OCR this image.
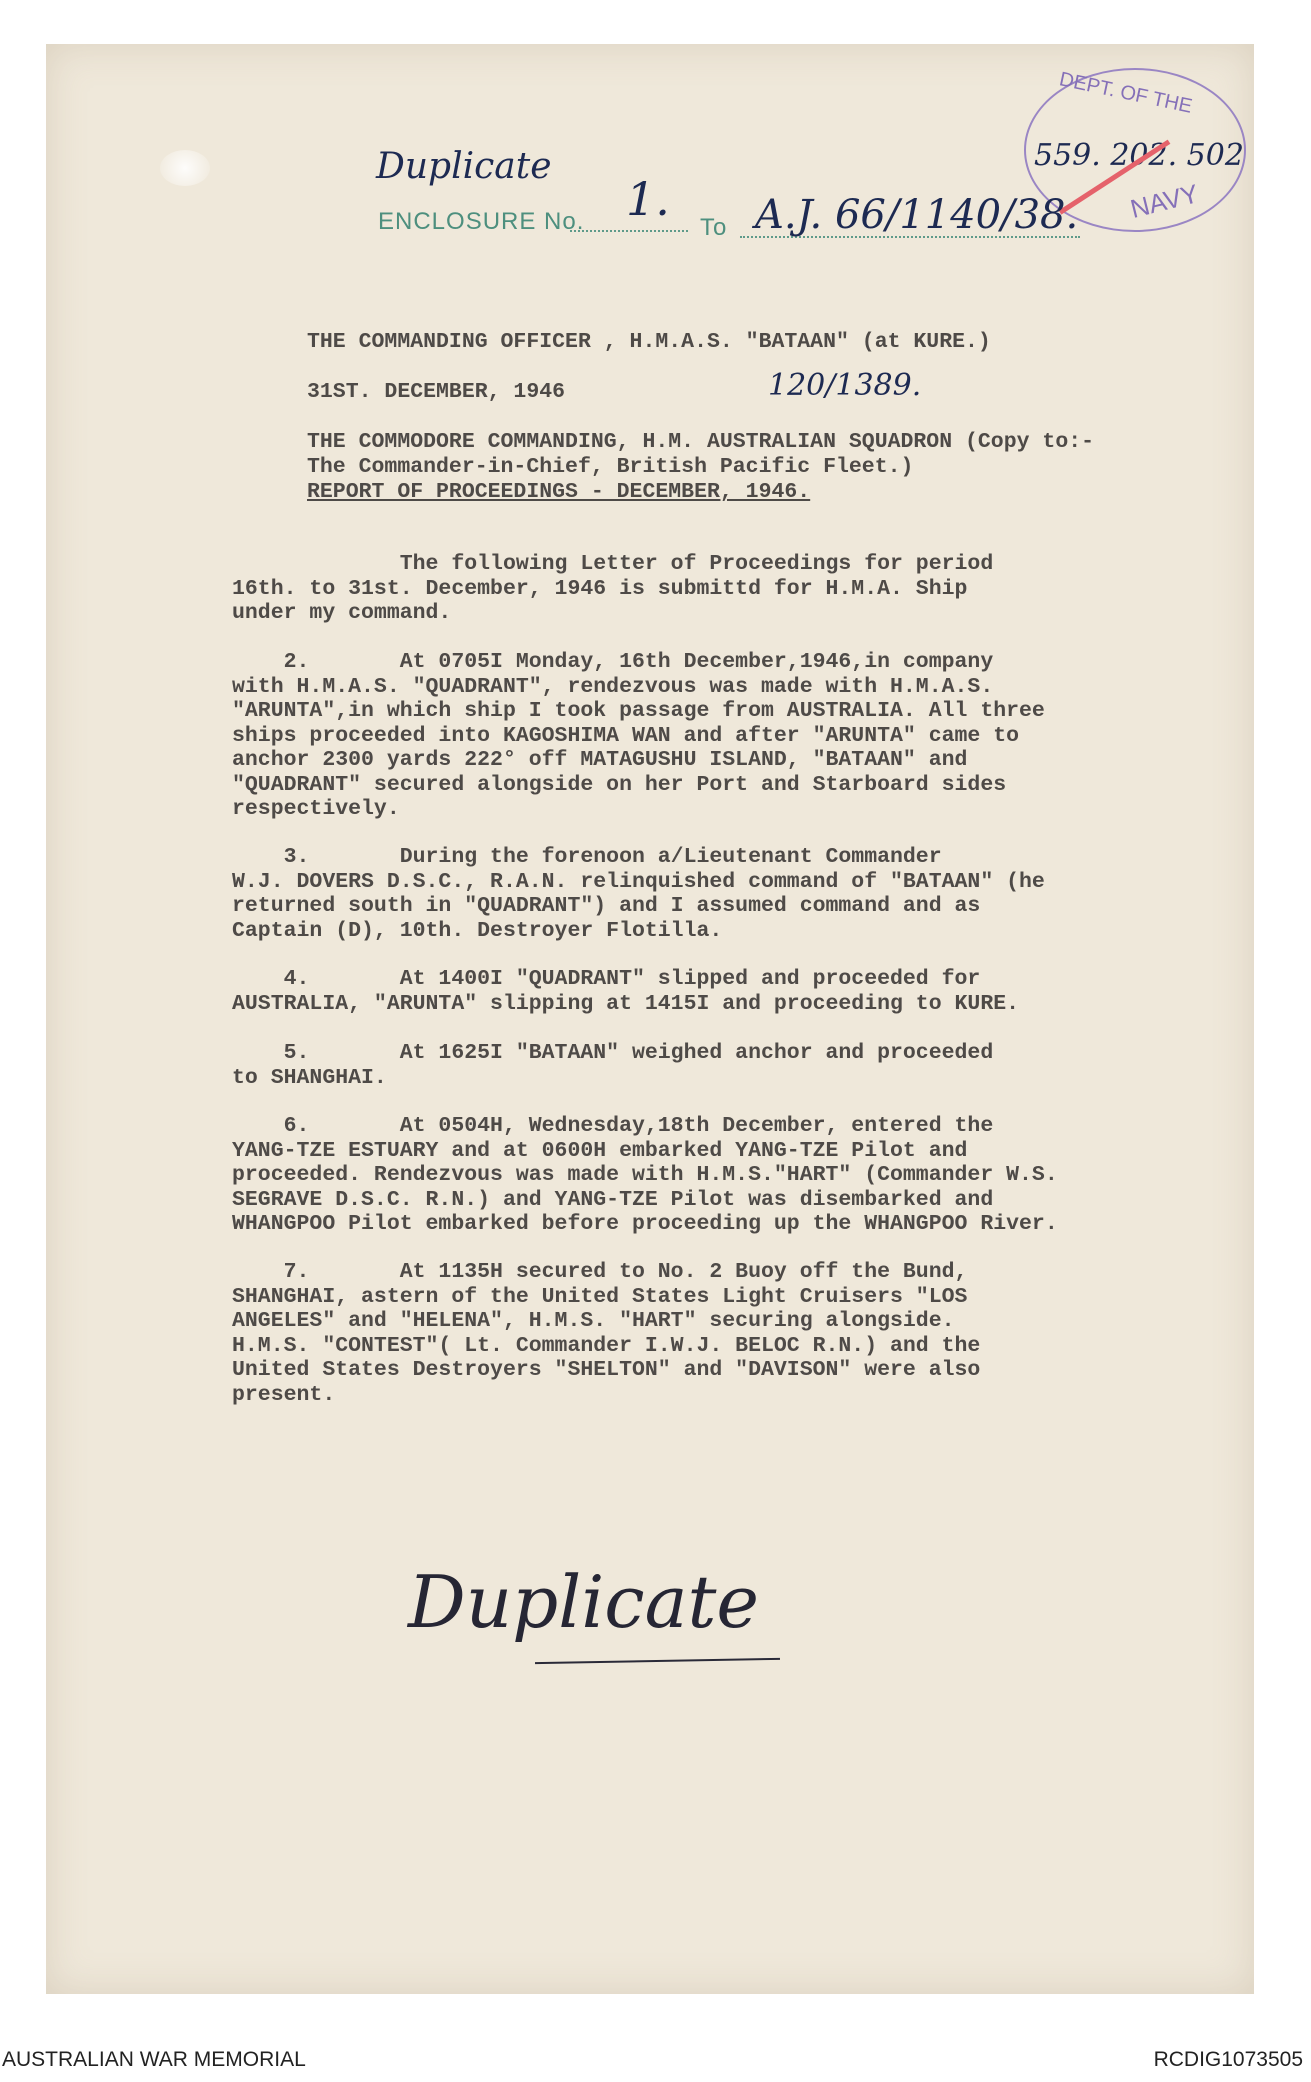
DEPT. OF THE
NAVY
559. 202. 502
Duplicate
ENCLOSURE No. 1.
To A.J. 66/1140/38.
THE COMMANDING OFFICER , H.M.A.S. "BATAAN" (at KURE.)
31ST. DECEMBER, 1946	120/1389.
THE COMMODORE COMMANDING, H.M. AUSTRALIAN SQUADRON (Copy to:-
The Commander-in-Chief, British Pacific Fleet.)
REPORT OF PROCEEDINGS - DECEMBER, 1946.
The following Letter of Proceedings for period
16th. to 31st. December, 1946 is submittd for H.M.A. Ship
under my command.
2.       At 0705I Monday, 16th December,1946,in company
with H.M.A.S. "QUADRANT", rendezvous was made with H.M.A.S.
"ARUNTA",in which ship I took passage from AUSTRALIA. All three
ships proceeded into KAGOSHIMA WAN and after "ARUNTA" came to
anchor 2300 yards 222° off MATAGUSHU ISLAND, "BATAAN" and
"QUADRANT" secured alongside on her Port and Starboard sides
respectively.
3.       During the forenoon a/Lieutenant Commander
W.J. DOVERS D.S.C., R.A.N. relinquished command of "BATAAN" (he
returned south in "QUADRANT") and I assumed command and as
Captain (D), 10th. Destroyer Flotilla.
4.       At 1400I "QUADRANT" slipped and proceeded for
AUSTRALIA, "ARUNTA" slipping at 1415I and proceeding to KURE.
5.       At 1625I "BATAAN" weighed anchor and proceeded
to SHANGHAI.
6.       At 0504H, Wednesday,18th December, entered the
YANG-TZE ESTUARY and at 0600H embarked YANG-TZE Pilot and
proceeded. Rendezvous was made with H.M.S."HART" (Commander W.S.
SEGRAVE D.S.C. R.N.) and YANG-TZE Pilot was disembarked and
WHANGPOO Pilot embarked before proceeding up the WHANGPOO River.
7.       At 1135H secured to No. 2 Buoy off the Bund,
SHANGHAI, astern of the United States Light Cruisers "LOS
ANGELES" and "HELENA", H.M.S. "HART" securing alongside.
H.M.S. "CONTEST"( Lt. Commander I.W.J. BELOC R.N.) and the
United States Destroyers "SHELTON" and "DAVISON" were also
present.
Duplicate
AUSTRALIAN WAR MEMORIAL	RCDIG1073505
